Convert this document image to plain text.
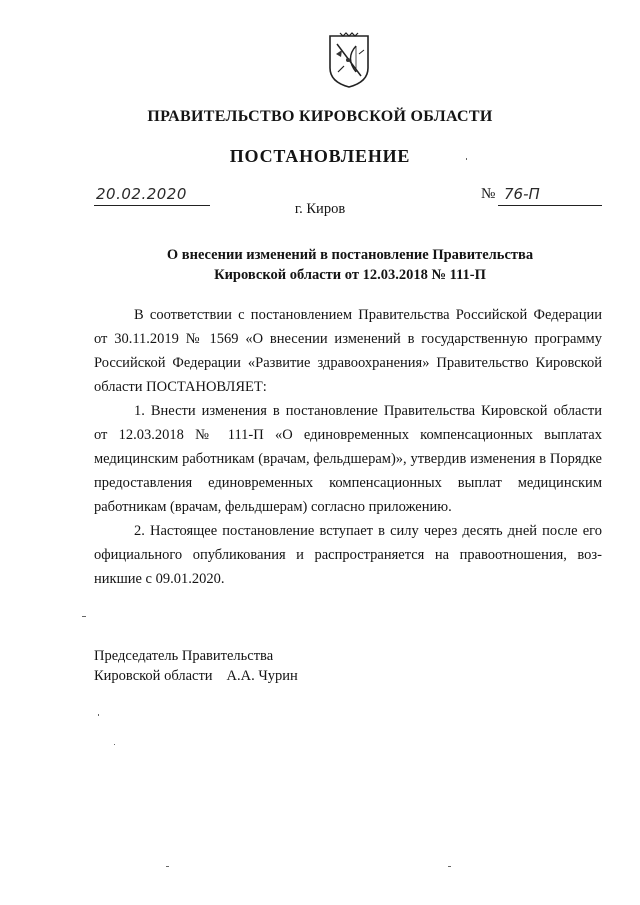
ПРАВИТЕЛЬСТВО КИРОВСКОЙ ОБЛАСТИ
ПОСТАНОВЛЕНИЕ
20.02.2020	№ 76-П
г. Киров
О внесении изменений в постановление Правительства
Кировской области от 12.03.2018 № 111-П

В соответствии с постановлением Правительства Российской Федерации от 30.11.2019 № 1569 «О внесении изменений в государственную программу Российской Федерации «Развитие здравоохранения» Правительство Кировской области ПОСТАНОВЛЯЕТ:

1. Внести изменения в постановление Правительства Кировской области от 12.03.2018 № 111-П «О единовременных компенсационных выплатах медицинским работникам (врачам, фельдшерам)», утвердив изменения в Порядке предоставления единовременных компенсационных выплат медицинским работникам (врачам, фельдшерам) согласно приложению.

2. Настоящее постановление вступает в силу через десять дней после его официального опубликования и распространяется на правоотношения, возникшие с 09.01.2020.

Председатель Правительства
Кировской области А.А. Чурин
